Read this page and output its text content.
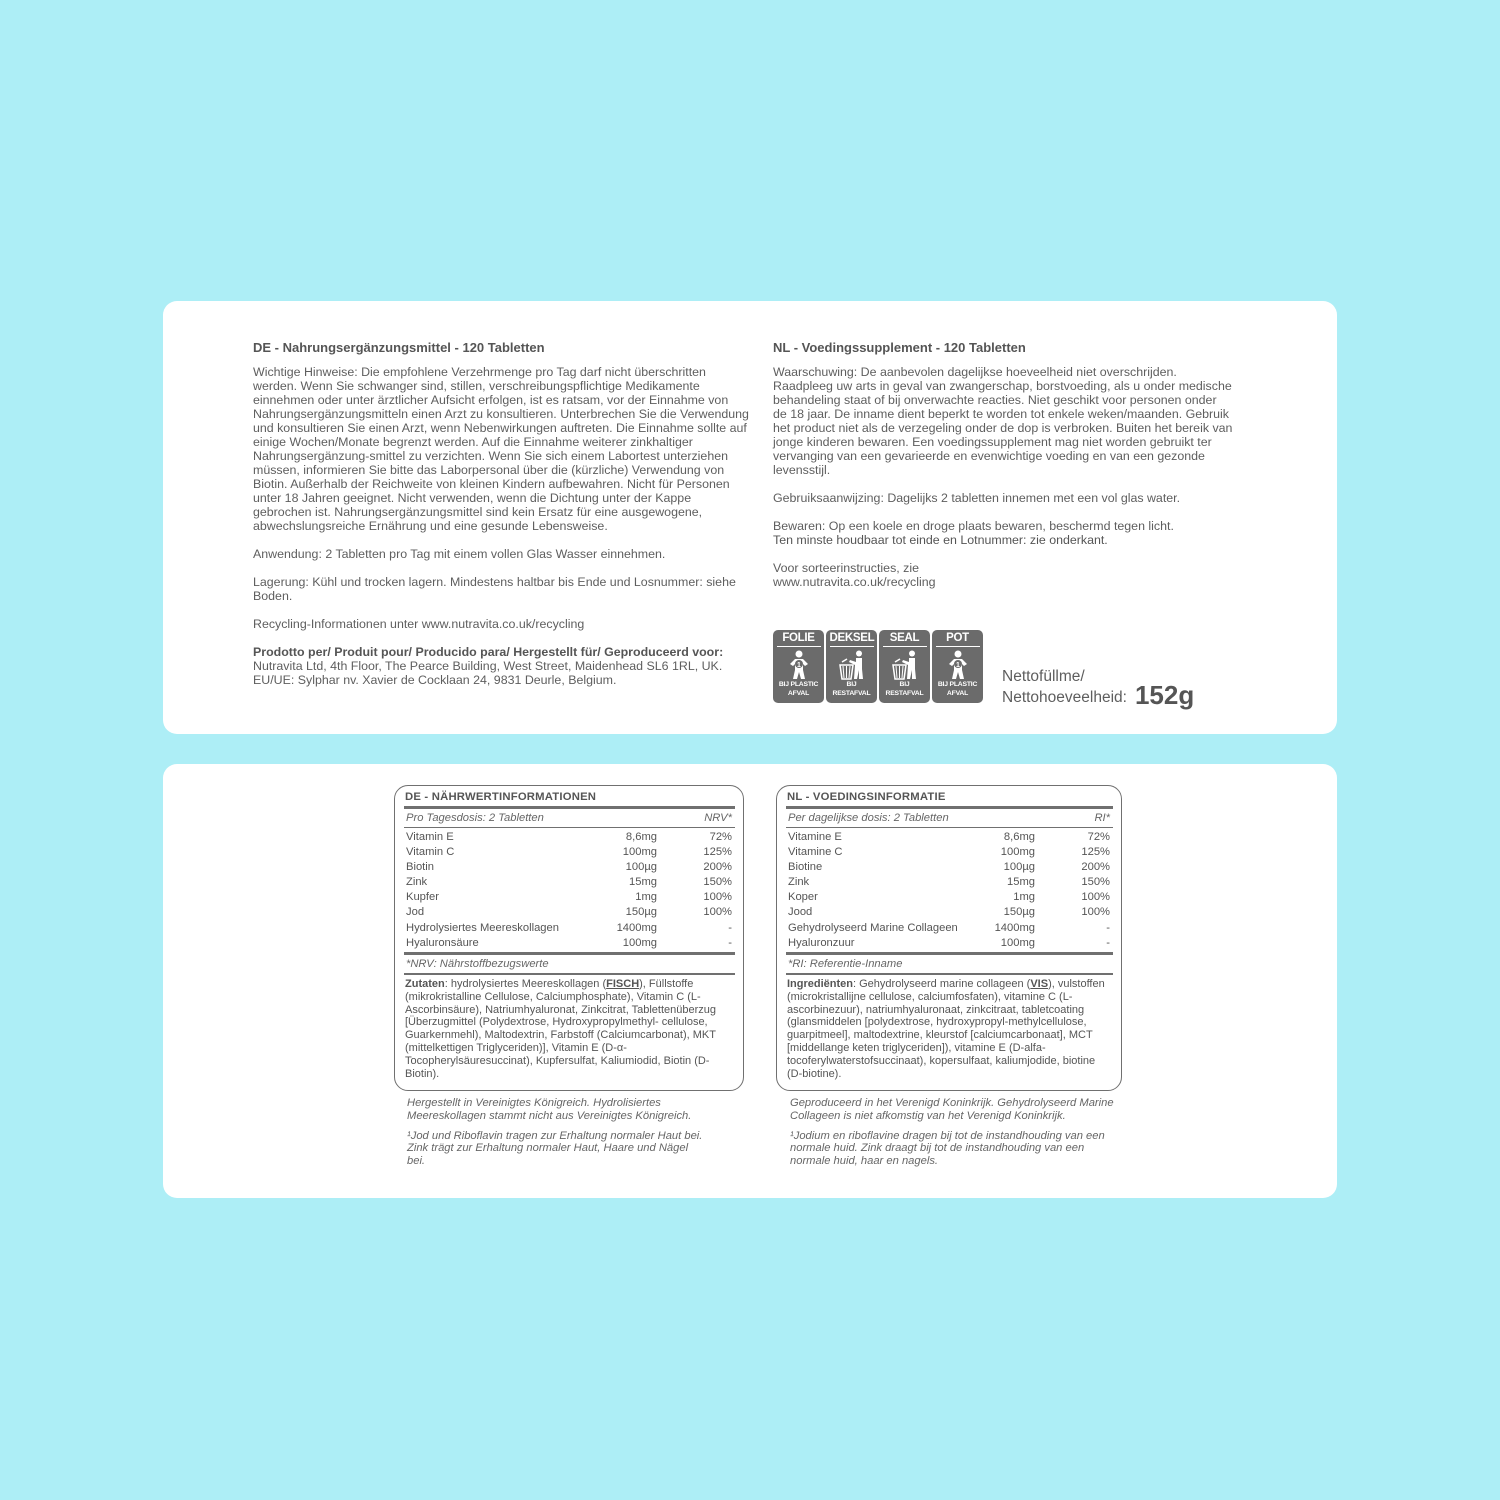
DE - Nahrungsergänzungsmittel - 120 Tabletten

Wichtige Hinweise: Die empfohlene Verzehrmenge pro Tag darf nicht überschritten werden. Wenn Sie schwanger sind, stillen, verschreibungspflichtige Medikamente einnehmen oder unter ärztlicher Aufsicht erfolgen, ist es ratsam, vor der Einnahme von Nahrungsergänzungsmitteln einen Arzt zu konsultieren. Unterbrechen Sie die Verwendung und konsultieren Sie einen Arzt, wenn Nebenwirkungen auftreten. Die Einnahme sollte auf einige Wochen/Monate begrenzt werden. Auf die Einnahme weiterer zinkhaltiger Nahrungsergänzung-smittel zu verzichten. Wenn Sie sich einem Labortest unterziehen müssen, informieren Sie bitte das Laborpersonal über die (kürzliche) Verwendung von Biotin. Außerhalb der Reichweite von kleinen Kindern aufbewahren. Nicht für Personen unter 18 Jahren geeignet. Nicht verwenden, wenn die Dichtung unter der Kappe gebrochen ist. Nahrungsergänzungsmittel sind kein Ersatz für eine ausgewogene, abwechslungsreiche Ernährung und eine gesunde Lebensweise.

Anwendung: 2 Tabletten pro Tag mit einem vollen Glas Wasser einnehmen.

Lagerung: Kühl und trocken lagern. Mindestens haltbar bis Ende und Losnummer: siehe Boden.

Recycling-Informationen unter www.nutravita.co.uk/recycling

Prodotto per/ Produit pour/ Producido para/ Hergestellt für/ Geproduceerd voor:
Nutravita Ltd, 4th Floor, The Pearce Building, West Street, Maidenhead SL6 1RL, UK.
EU/UE: Sylphar nv. Xavier de Cocklaan 24, 9831 Deurle, Belgium.

NL - Voedingssupplement - 120 Tabletten

Waarschuwing: De aanbevolen dagelijkse hoeveelheid niet overschrijden. Raadpleeg uw arts in geval van zwangerschap, borstvoeding, als u onder medische behandeling staat of bij onverwachte reacties. Niet geschikt voor personen onder de 18 jaar. De inname dient beperkt te worden tot enkele weken/maanden. Gebruik het product niet als de verzegeling onder de dop is verbroken. Buiten het bereik van jonge kinderen bewaren. Een voedingssupplement mag niet worden gebruikt ter vervanging van een gevarieerde en evenwichtige voeding en van een gezonde levensstijl.

Gebruiksaanwijzing: Dagelijks 2 tabletten innemen met een vol glas water.

Bewaren: Op een koele en droge plaats bewaren, beschermd tegen licht.
Ten minste houdbaar tot einde en Lotnummer: zie onderkant.

Voor sorteerinstructies, zie
www.nutravita.co.uk/recycling

FOLIE
1
BIJ PLASTIC
AFVAL
DEKSEL
BIJ
RESTAFVAL
SEAL
BIJ
RESTAFVAL
POT
1
BIJ PLASTIC
AFVAL
Nettofüllme/
Nettohoeveelheid: 152g
DE - NÄHRWERTINFORMATIONEN
Pro Tagesdosis: 2 Tabletten	NRV*
Vitamin E	8,6mg	72%
Vitamin C	100mg	125%
Biotin	100µg	200%
Zink	15mg	150%
Kupfer	1mg	100%
Jod	150µg	100%
Hydrolysiertes Meereskollagen	1400mg	-
Hyaluronsäure	100mg	-
*NRV: Nährstoffbezugswerte
Zutaten: hydrolysiertes Meereskollagen (FISCH), Füllstoffe (mikrokristalline Cellulose, Calciumphosphate), Vitamin C (L-Ascorbinsäure), Natriumhyaluronat, Zinkcitrat, Tablettenüberzug [Überzugmittel (Polydextrose, Hydroxypropylmethyl- cellulose, Guarkernmehl), Maltodextrin, Farbstoff (Calciumcarbonat), MKT (mittelkettigen Triglyceriden)], Vitamin E (D-α-Tocopherylsäuresuccinat), Kupfersulfat, Kaliumiodid, Biotin (D-Biotin).

Hergestellt in Vereinigtes Königreich. Hydrolisiertes Meereskollagen stammt nicht aus Vereinigtes Königreich.

¹Jod und Riboflavin tragen zur Erhaltung normaler Haut bei. Zink trägt zur Erhaltung normaler Haut, Haare und Nägel bei.

NL - VOEDINGSINFORMATIE
Per dagelijkse dosis: 2 Tabletten	RI*
Vitamine E	8,6mg	72%
Vitamine C	100mg	125%
Biotine	100µg	200%
Zink	15mg	150%
Koper	1mg	100%
Jood	150µg	100%
Gehydrolyseerd Marine Collageen	1400mg	-
Hyaluronzuur	100mg	-
*RI: Referentie-Inname
Ingrediënten: Gehydrolyseerd marine collageen (VIS), vulstoffen (microkristallijne cellulose, calciumfosfaten), vitamine C (L-ascorbinezuur), natriumhyaluronaat, zinkcitraat, tabletcoating (glansmiddelen [polydextrose, hydroxypropyl-methylcellulose, guarpitmeel], maltodextrine, kleurstof [calciumcarbonaat], MCT [middellange keten triglyceriden]), vitamine E (D-alfa-tocoferylwaterstofsuccinaat), kopersulfaat, kaliumjodide, biotine (D-biotine).

Geproduceerd in het Verenigd Koninkrijk. Gehydrolyseerd Marine Collageen is niet afkomstig van het Verenigd Koninkrijk.

¹Jodium en riboflavine dragen bij tot de instandhouding van een normale huid. Zink draagt bij tot de instandhouding van een normale huid, haar en nagels.
